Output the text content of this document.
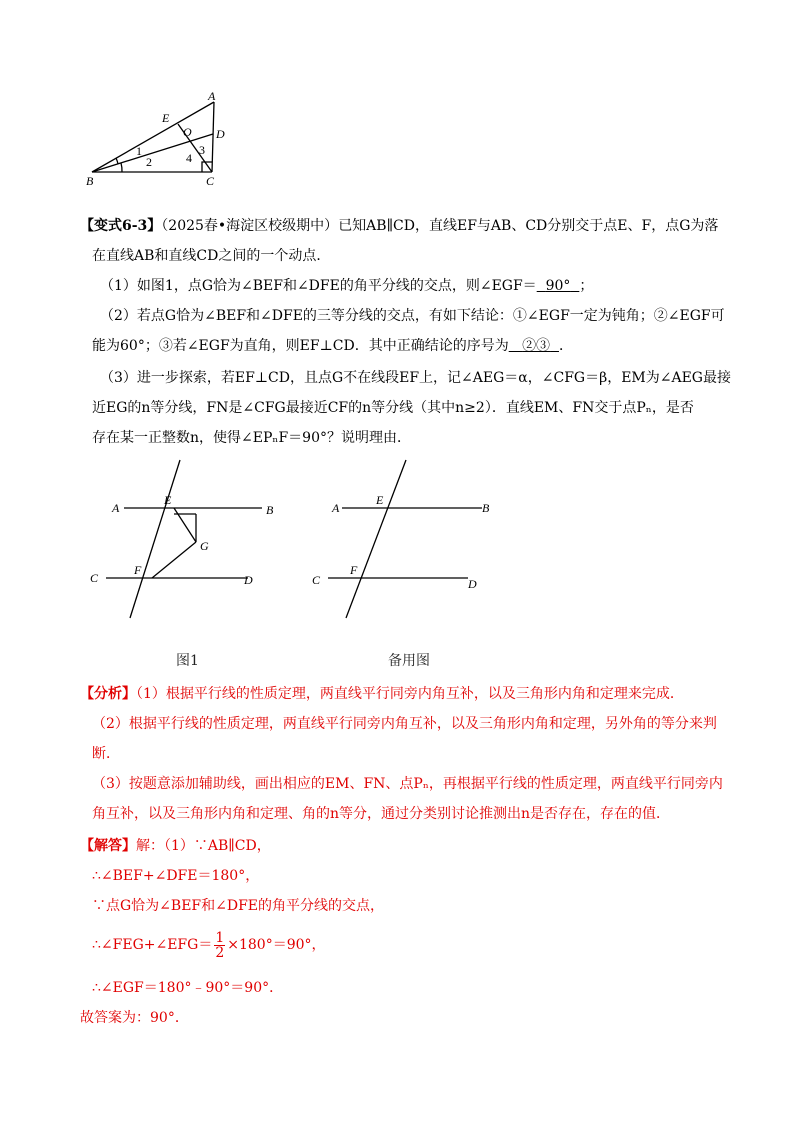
A
E
O D
1
2
3
4
B	C
【变式6-3】（2025春•海淀区校级期中）已知AB∥CD，直线EF与AB、CD分别交于点E、F，点G为落
在直线AB和直线CD之间的一个动点．
（1）如图1，点G恰为∠BEF和∠DFE的角平分线的交点，则∠EGF＝ 90° ；
（2）若点G恰为∠BEF和∠DFE的三等分线的交点，有如下结论：①∠EGF一定为钝角；②∠EGF可
能为60°；③若∠EGF为直角，则EF⊥CD．其中正确结论的序号为 ②③ ．
（3）进一步探索，若EF⊥CD，且点G不在线段EF上，记∠AEG＝α，∠CFG＝β，EM为∠AEG最接
近EG的n等分线，FN是∠CFG最接近CF的n等分线（其中n≥2）．直线EM、FN交于点Pₙ，是否
存在某一正整数n，使得∠EPₙF＝90°？说明理由．
A
E
B
G
C
F
D
图1
A
E
B
C
F
D
备用图
【分析】（1）根据平行线的性质定理，两直线平行同旁内角互补，以及三角形内角和定理来完成．
（2）根据平行线的性质定理，两直线平行同旁内角互补，以及三角形内角和定理，另外角的等分来判
断．
（3）按题意添加辅助线，画出相应的EM、FN、点Pₙ，再根据平行线的性质定理，两直线平行同旁内
角互补，以及三角形内角和定理、角的n等分，通过分类别讨论推测出n是否存在，存在的值．
【解答】解：（1）∵AB∥CD，
∴∠BEF+∠DFE＝180°，
∵点G恰为∠BEF和∠DFE的角平分线的交点，
∴∠FEG+∠EFG＝ $\frac{1}{2} \times 180^\circ=90^\circ$，
∴∠EGF＝180°﹣90°＝90°．
故答案为：90°．
